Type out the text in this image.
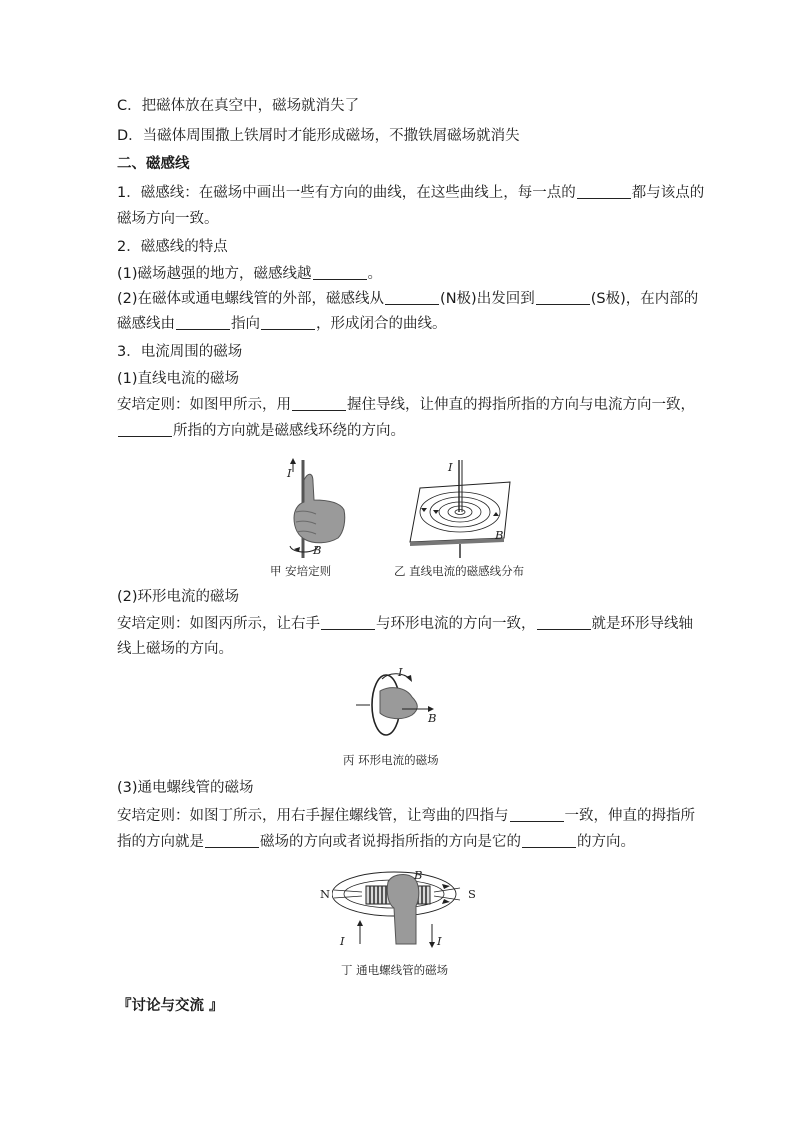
C．把磁体放在真空中，磁场就消失了
D．当磁体周围撒上铁屑时才能形成磁场，不撒铁屑磁场就消失
二、磁感线
1．磁感线：在磁场中画出一些有方向的曲线，在这些曲线上，每一点的	都与该点的
磁场方向一致。
2．磁感线的特点
(1)磁场越强的地方，磁感线越	。
(2)在磁体或通电螺线管的外部，磁感线从	(N极)出发回到	(S极)，在内部的
磁感线由	指向	，形成闭合的曲线。
3．电流周围的磁场
(1)直线电流的磁场
安培定则：如图甲所示，用	握住导线，让伸直的拇指所指的方向与电流方向一致，
所指的方向就是磁感线环绕的方向。
I
B
甲 安培定则
I
B
乙 直线电流的磁感线分布
(2)环形电流的磁场
安培定则：如图丙所示，让右手	与环形电流的方向一致，	就是环形导线轴
线上磁场的方向。
I
B
丙 环形电流的磁场
(3)通电螺线管的磁场
安培定则：如图丁所示，用右手握住螺线管，让弯曲的四指与	一致，伸直的拇指所
指的方向就是	磁场的方向或者说拇指所指的方向是它的	的方向。
N	S
B
I	I
丁 通电螺线管的磁场
『讨论与交流 』
